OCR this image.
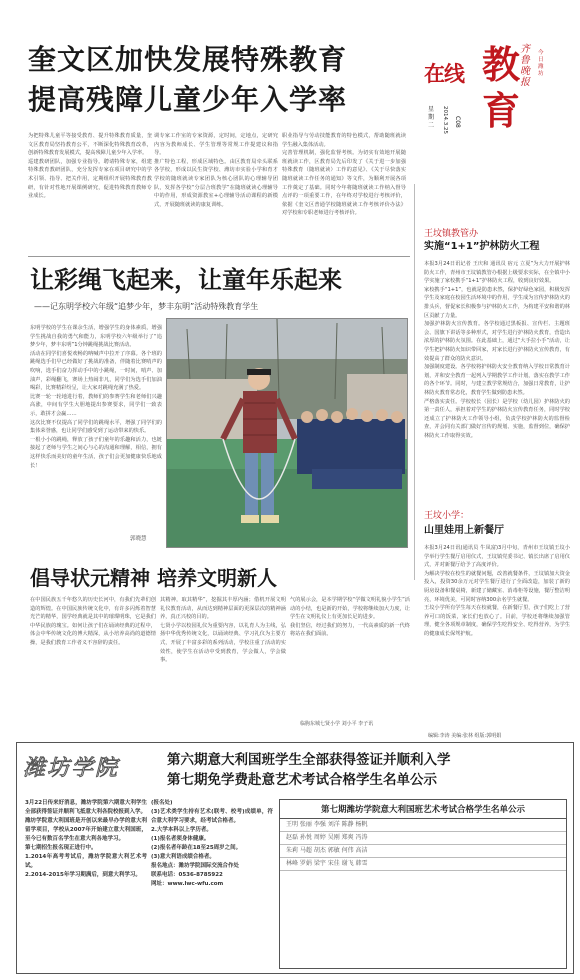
在线 教育
齐鲁晚报
今日潍坊
星期二 2014.3.25 C08
奎文区加快发展特殊教育
提高残障儿童少年入学率

为把特殊儿童平等接受教育、提升特殊教育质量，奎文区教育局坚持教育公平，不断深化特殊教育改革，创新特殊教育发展模式，提高残障儿童少年入学率。

巡建教研团队，加强专业指导。聘请特殊专家，组建特殊教育教研团队，充分发挥专家在项目研究中的学术引领、指导、把关作用，定期组织开展特殊教育教研，有针对性地开展课例研究，促进特殊教育教师专业成长。

调专家工作室的专家资源，定时间，定地点，定研究内容为教师成长、学生管理等常规工作提建议和指导。

推广特色工程，形成区域特色。由区教育局牵头联系各学校，形成以民生资学校、潍坊市实验小学和育才学校的随班就读专家团队为核心团队的心理辅导团队，发挥各学校“分层合班教学”在随班就读心理辅导中的作用，形成资源教室+心理辅导活动课程的新模式，开展随班就读的康复训练。

职业指导与劳动技能教育的特色模式，帮助随班就读学生融入集体活动。

完善管理机制，强化监督考核。为切实有效地开展随班就读工作，区教育局先后印发了《关于进一步加强特殊教育（随班就读）工作的意见》、《关于尽快落实随班就读工作任务的通知》等文件，为顺利开展各项工作奠定了基础。同时今年将随班就读工作纳入督导点评的一项重要工作，在年终对学校进行考核评价，依据《奎文区普通学校随班就读工作考核评价办法》对学校和专职老师进行考核评价。

让彩绳飞起来，让童年乐起来
——记东明学校六年级“追梦少年，梦丰东明”活动特殊教育学生

东明学校的学生在课余生活，增强学生的身体素质，增强学生挑战自我的勇气和能力，东明学校六年级举行了“追梦少年，梦丰东明”1分钟跳绳挑战比赛活动。

活动在同学们喜悦欢畅的呐喊声中拉开了序幕。各个班的跳绳选手们早已经做好了挑战的准备，伴随着比赛哨声的吹响，选手们奋力挥动手中的小跳绳，一时间，哨声、加油声，彩绳翻飞，赛场上热闹非凡，同学们为选手们加油喝彩，比赛精彩纷呈，让大家对跳绳充满了热爱。

比赛一轮一轮地进行着，教师们的参赛学生和老师们兴趣高涨，中间有学生大胆地提出参赛要求，同学们一致表示，敢拼才会赢……

这次比赛不仅提高了同学们的跳绳水平，增强了同学们的集体荣誉感，也让同学们感受到了运动带来的快乐。

一根小小的跳绳，释放了孩子们童年的乐趣和活力，也链接起了老师与学生之间心与心的沟通和理解，相信，拥有这样快乐而美好的童年生活，孩子们会更加健康快乐地成长！

郭晓慧
王坟镇教管办
实施“1+1”护林防火工程

本报3月24日讯记者 王庆和 通讯员 宿元 立夏”为大力开展护林防火工作，青州市王坟镇教管办根据上级要求实际，在全镇中小学实施了家校携手“1+1”护林防火工程，收到良好效果。

家校携手“1+1”，也就是防患未然，保护好绿色家园，积极发挥学生及家庭在校园生活环境中的作用，学生成为宣传护林防火的排头兵，督促家长积极参与护林防火工作，为构建平安和谐的林区贡献了力量。

加强护林防火宣传教育。各学校通过黑板报、宣传栏、主题班会、国旗下讲话等多种形式，对学生进行护林防火教育，营造出浓厚的护林防火氛围。在此基础上，通过“大手拉小手”活动，让学生把护林防火知识带回家，对家长进行护林防火宣传教育，有效提高了群众的防火意识。

加强制度建设。各学校将护林防火安全教育纳入学校日常教育计划，并和安全教育一起列入学期教学工作计划，落实在教学工作的各个环节。同时，与建立教学常规结合，加强日常教育，让护林防火教育常态化，教育学生做到防患未然。

严格落实责任。学校校长（园长）是学校（幼儿园）护林防火的第一责任人，承担着对学生的护林防火宣传教育任务，同时学校还成立了护林防火工作领导小组，负责学校护林防火的监督检查，并会同有关部门做好宣传的规划、实施，监督到位，确保护林防火工作取得实效。

王坟小学：
山里娃用上新餐厅

本报3月24日讯(通讯员 牛凤富)3月中旬，青州市王坟镇王坟小学举行学生餐厅启用仪式，王坟镇党委书记、镇长出席了启用仪式，并对新餐厅给予了高度评价。

为解决学校在校生的就餐问题，改善就餐条件，王坟镇加大资金投入，投资30余万元对学生餐厅进行了全面改造，加装了新的厨房设备和餐桌椅，新建了储藏室、消毒柜等设施，餐厅整洁明亮，环境优美，可同时容纳300余名学生就餐。

王坟小学所有学生每天在校就餐，在新餐厅里，孩子们吃上了营养可口的饭菜，家长们也放心了。目前，学校还将继续加强管理，健全各项规章制度，确保学生吃得安全、吃得营养，为学生的健康成长保驾护航。

倡导状元精神 培养文明新人

在中国民族五千年悠久的历史长河中，有我们先辈们创造的辉煌。在中国民族传统文化中，有许多闪烁着智慧光芒的精华，国学经典就是其中的璀璨明珠，它是我们中华民族的瑰宝。如何让孩子们在诵读经典的过程中，体会中华传统文化的博大精深，从小培养高尚的道德情操，是我们教育工作者义不容辞的责任。

其精神，取其精华”，挖掘其丰厚内涵；借机开展文明礼仪教育活动，从而达到精神层面的更深层次的精神涵养，真正兴校的目的。

七贤小学以校园礼仪为重要内容，以礼育人为主线，弘扬中华优秀传统文化，以诵读经典、学习礼仪为主要方式，开展了丰富多彩的系列活动，学校注重了活动的实效性，使学生在活动中受到教育，学会做人，学会做事。

气的展示会，是本学期学校“学做文明礼貌小学生”活动的小结，也是新的开始，学校将继续加大力度，让学生在文明礼仪上有更加长足的进步。

我们坚信，经过我们的努力，一代高素质的新一代终将站在我们面前。

临朐东城七贤小学 刘小平 李子讯
编辑:李涛 美编:张林 组版:郭明娟
潍坊学院	第六期意大利国班学生全部获得签证并顺利入学
第七期免学费赴意艺术考试合格学生名单公示

3月22日传来好消息，潍坊学院第六期意大利学生全部获得签证并顺利飞抵意大利各院校报到入学。

潍坊学院意大利国班是开创以来最早办学的意大利留学项目，学校从2007年开始建立意大利国班，至今已有数百名学生在意大利各地学习。

第七期招生报名现正进行中。

1.2014年高考考试后，潍坊学院意大利艺术考试。

2.2014-2015年学习期满后，到意大利学习。

(报名处)

(3)艺术类学生持有艺术(联考、校考)成绩单，符合意大利学习要求，经考试合格者。

2.大学本科以上学历者。

(1)报名者须身体健康。

(2)报名者年龄在18至25周岁之间。

(3)意大利语成绩合格者。

报名地点：潍坊学院国际交流合作处

联系电话：0536-8785922

网址：www.lwc-wfu.com

第七期潍坊学院意大利国班艺术考试合格学生名单公示
王明 张丽 李强 刘洋 陈静 杨帆
赵磊 孙悦 周婷 吴刚 郑爽 冯涛
朱莉 马超 胡杰 郭敏 何伟 高洁
林峰 罗娟 梁宇 宋佳 谢飞 韩雪
